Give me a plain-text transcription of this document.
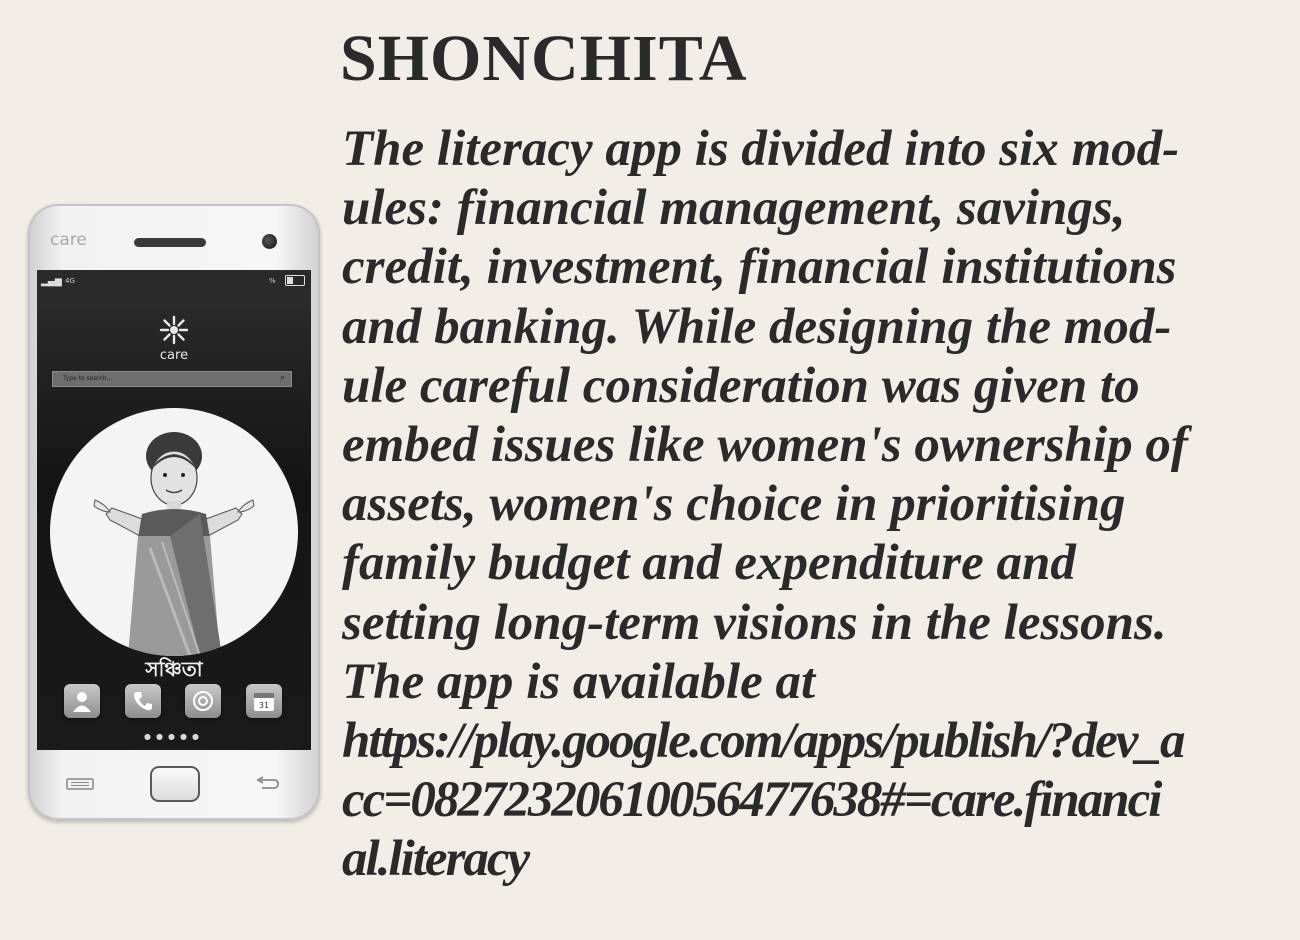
SHONCHITA
The literacy app is divided into six mod-
ules: financial management, savings,
credit, investment, financial institutions
and banking. While designing the mod-
ule careful consideration was given to
embed issues like women's ownership of
assets, women's choice in prioritising
family budget and expenditure and
setting long-term visions in the lessons.
The app is available at
https://play.google.com/apps/publish/?dev_a
cc=08272320610056477638#=care.financi
al.literacy
care
▂▄▆ 4G	%
care
Type to search...	⌕
সঞ্চিতা
31
●●●●●
